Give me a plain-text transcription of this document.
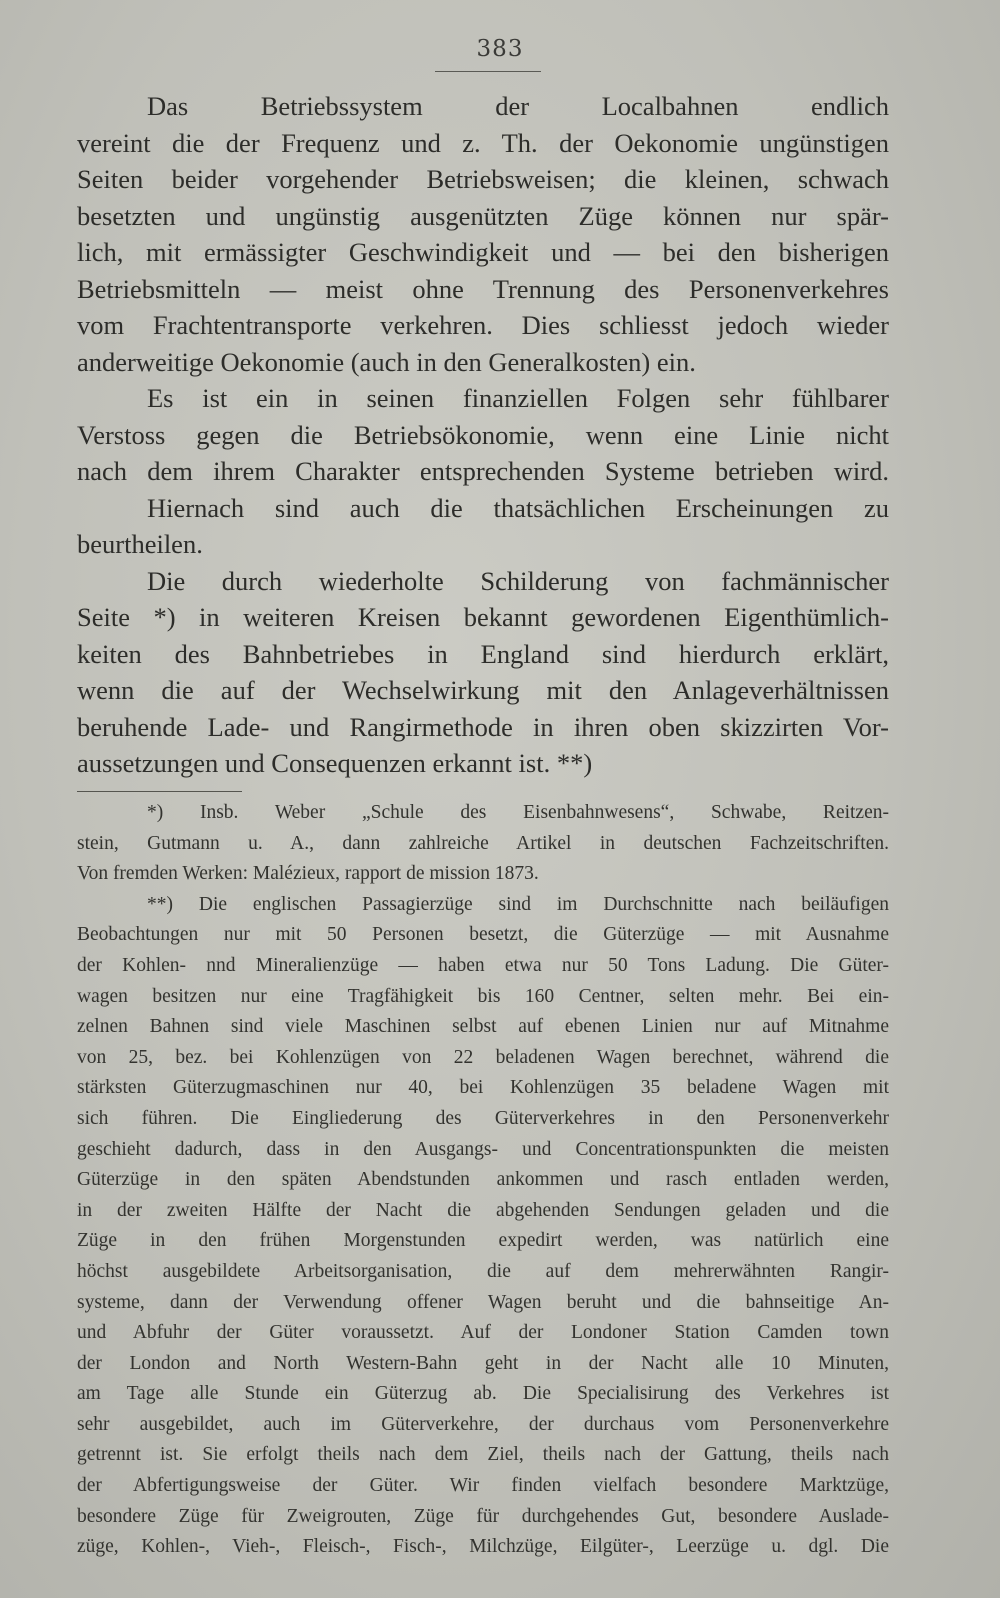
383
Das Betriebssystem der Localbahnen endlich
vereint die der Frequenz und z. Th. der Oekonomie ungünstigen
Seiten beider vorgehender Betriebsweisen; die kleinen, schwach
besetzten und ungünstig ausgenützten Züge können nur spär-
lich, mit ermässigter Geschwindigkeit und — bei den bisherigen
Betriebsmitteln — meist ohne Trennung des Personenverkehres
vom Frachtentransporte verkehren. Dies schliesst jedoch wieder
anderweitige Oekonomie (auch in den Generalkosten) ein.
Es ist ein in seinen finanziellen Folgen sehr fühlbarer
Verstoss gegen die Betriebsökonomie, wenn eine Linie nicht
nach dem ihrem Charakter entsprechenden Systeme betrieben wird.
Hiernach sind auch die thatsächlichen Erscheinungen zu
beurtheilen.
Die durch wiederholte Schilderung von fachmännischer
Seite *) in weiteren Kreisen bekannt gewordenen Eigenthümlich-
keiten des Bahnbetriebes in England sind hierdurch erklärt,
wenn die auf der Wechselwirkung mit den Anlageverhältnissen
beruhende Lade- und Rangirmethode in ihren oben skizzirten Vor-
aussetzungen und Consequenzen erkannt ist. **)
*) Insb. Weber „Schule des Eisenbahnwesens“, Schwabe, Reitzen-
stein, Gutmann u. A., dann zahlreiche Artikel in deutschen Fachzeitschriften.
Von fremden Werken: Malézieux, rapport de mission 1873.
**) Die englischen Passagierzüge sind im Durchschnitte nach beiläufigen
Beobachtungen nur mit 50 Personen besetzt, die Güterzüge — mit Ausnahme
der Kohlen- nnd Mineralienzüge — haben etwa nur 50 Tons Ladung. Die Güter-
wagen besitzen nur eine Tragfähigkeit bis 160 Centner, selten mehr. Bei ein-
zelnen Bahnen sind viele Maschinen selbst auf ebenen Linien nur auf Mitnahme
von 25, bez. bei Kohlenzügen von 22 beladenen Wagen berechnet, während die
stärksten Güterzugmaschinen nur 40, bei Kohlenzügen 35 beladene Wagen mit
sich führen. Die Eingliederung des Güterverkehres in den Personenverkehr
geschieht dadurch, dass in den Ausgangs- und Concentrationspunkten die meisten
Güterzüge in den späten Abendstunden ankommen und rasch entladen werden,
in der zweiten Hälfte der Nacht die abgehenden Sendungen geladen und die
Züge in den frühen Morgenstunden expedirt werden, was natürlich eine
höchst ausgebildete Arbeitsorganisation, die auf dem mehrerwähnten Rangir-
systeme, dann der Verwendung offener Wagen beruht und die bahnseitige An-
und Abfuhr der Güter voraussetzt. Auf der Londoner Station Camden town
der London and North Western-Bahn geht in der Nacht alle 10 Minuten,
am Tage alle Stunde ein Güterzug ab. Die Specialisirung des Verkehres ist
sehr ausgebildet, auch im Güterverkehre, der durchaus vom Personenverkehre
getrennt ist. Sie erfolgt theils nach dem Ziel, theils nach der Gattung, theils nach
der Abfertigungsweise der Güter. Wir finden vielfach besondere Marktzüge,
besondere Züge für Zweigrouten, Züge für durchgehendes Gut, besondere Auslade-
züge, Kohlen-, Vieh-, Fleisch-, Fisch-, Milchzüge, Eilgüter-, Leerzüge u. dgl. Die
